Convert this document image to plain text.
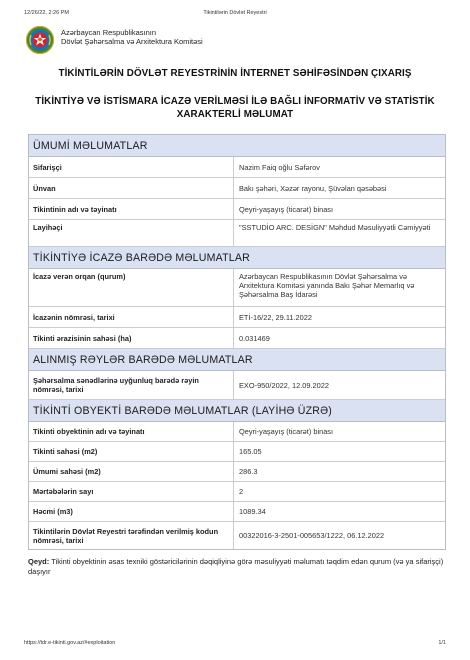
12/26/22, 2:26 PM	Tikintilərin Dövlət Reyestri
Azərbaycan Respublikasının
Dövlət Şəhərsalma və Arxitektura Komitəsi
TİKİNTİLƏRİN DÖVLƏT REYESTRİNİN İNTERNET SƏHİFƏSİNDƏN ÇIXARIŞ
TİKİNTİYƏ VƏ İSTİSMARA İCAZƏ VERİLMƏSİ İLƏ BAĞLI İNFORMATİV VƏ STATİSTİK XARAKTERLİ MƏLUMAT
ÜMUMİ MƏLUMATLAR
Sifarişçi	Nazim Faiq oğlu Səfərov
Ünvan	Bakı şəhəri, Xəzər rayonu, Şüvəlan qəsəbəsi
Tikintinin adı və təyinatı	Qeyri-yaşayış (ticarət) binası
Layihəçi	"SSTUDİO ARC. DESİGN" Məhdud Məsuliyyətli Cəmiyyəti
TİKİNTİYƏ İCAZƏ BARƏDƏ MƏLUMATLAR
İcazə verən orqan (qurum)	Azərbaycan Respublikasının Dövlət Şəhərsalma və Arxitektura Komitəsi yanında Bakı Şəhər Memarlıq və Şəhərsalma Baş İdarəsi
İcazənin nömrəsi, tarixi	ETİ-16/22, 29.11.2022
Tikinti ərazisinin sahəsi (ha)	0.031469
ALINMIŞ RƏYLƏR BARƏDƏ MƏLUMATLAR
Şəhərsalma sənədlərinə uyğunluq barədə rəyin nömrəsi, tarixi	EXO-950/2022, 12.09.2022
TİKİNTİ OBYEKTİ BARƏDƏ MƏLUMATLAR (LAYİHƏ ÜZRƏ)
Tikinti obyektinin adı və təyinatı	Qeyri-yaşayış (ticarət) binası
Tikinti sahəsi (m2)	165.05
Ümumi sahəsi (m2)	286.3
Mərtəbələrin sayı	2
Həcmi (m3)	1089.34
Tikintilərin Dövlət Reyestri tərəfindən verilmiş kodun nömrəsi, tarixi	00322016-3-2501-005653/1222, 06.12.2022
Qeyd: Tikinti obyektinin əsas texniki göstəricilərinin dəqiqliyinə görə məsuliyyəti məlumatı təqdim edən qurum (və ya sifarişçi) daşıyır
https://tdr.e-tikinti.gov.az/#exploitation	1/1
